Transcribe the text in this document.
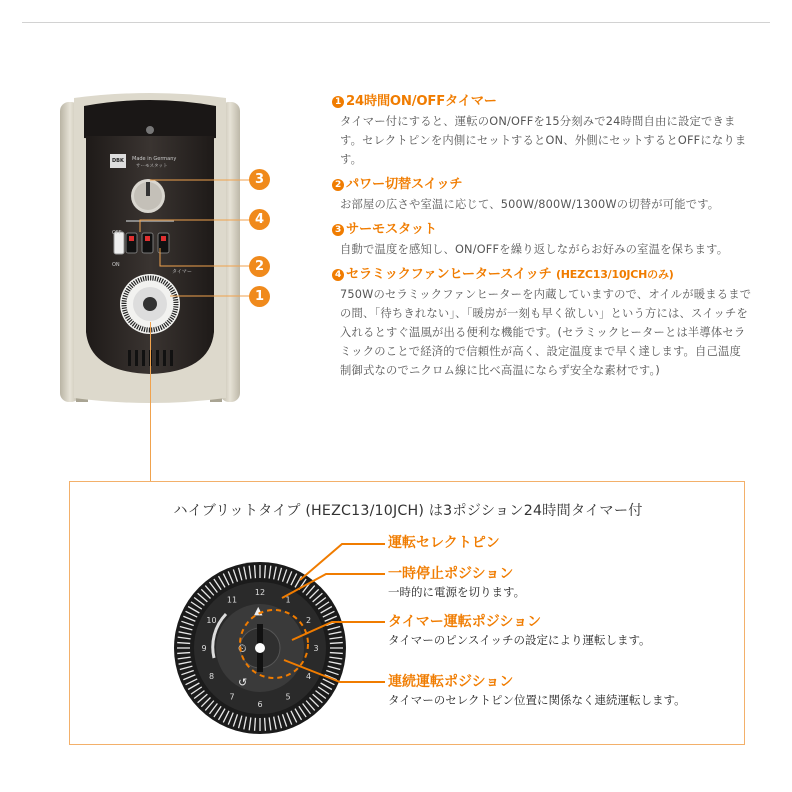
Made in Germany
サーモスタット
DBK
OFF
ON
タイマー
3
4
2
1
1 24時間ON/OFFタイマー
タイマー付にすると、運転のON/OFFを15分刻みで24時間自由に設定できます。セレクトピンを内側にセットするとON、外側にセットするとOFFになります。
2 パワー切替スイッチ
お部屋の広さや室温に応じて、500W/800W/1300Wの切替が可能です。
3 サーモスタット
自動で温度を感知し、ON/OFFを繰り返しながらお好みの室温を保ちます。
4 セラミックファンヒータースイッチ (HEZC13/10JCHのみ)
750Wのセラミックファンヒーターを内蔵していますので、オイルが暖まるまでの間、「待ちきれない」、「暖房が一刻も早く欲しい」という方には、スイッチを入れるとすぐ温風が出る便利な機能です。(セラミックヒーターとは半導体セラミックのことで経済的で信頼性が高く、設定温度まで早く達します。自己温度制御式なのでニクロム線に比べ高温にならず安全な素材です。)
ハイブリットタイプ (HEZC13/10JCH) は3ポジション24時間タイマー付
12
1
2
3
4
5
6
7
8
9
10
11
⏲
▲
↺
運転セレクトピン
一時停止ポジション
一時的に電源を切ります。
タイマー運転ポジション
タイマーのピンスイッチの設定により運転します。
連続運転ポジション
タイマーのセレクトピン位置に関係なく連続運転します。
